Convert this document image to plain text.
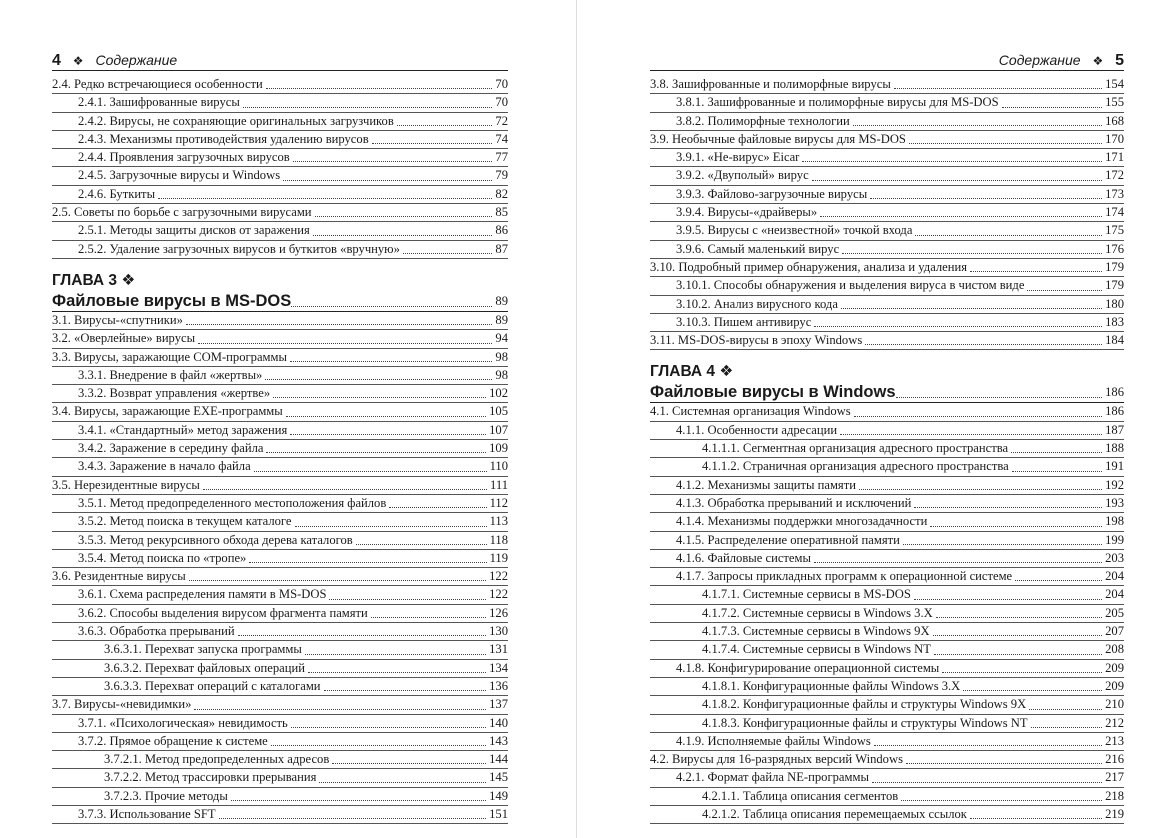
4 ❖ Содержание
2.4. Редко встречающиеся особенности	70
2.4.1. Зашифрованные вирусы	70
2.4.2. Вирусы, не сохраняющие оригинальных загрузчиков	72
2.4.3. Механизмы противодействия удалению вирусов	74
2.4.4. Проявления загрузочных вирусов	77
2.4.5. Загрузочные вирусы и Windows	79
2.4.6. Буткиты	82
2.5. Советы по борьбе с загрузочными вирусами	85
2.5.1. Методы защиты дисков от заражения	86
2.5.2. Удаление загрузочных вирусов и буткитов «вручную»	87
ГЛАВА 3 ❖
Файловые вирусы в MS-DOS	89
3.1. Вирусы-«спутники»	89
3.2. «Оверлейные» вирусы	94
3.3. Вирусы, заражающие COM-программы	98
3.3.1. Внедрение в файл «жертвы»	98
3.3.2. Возврат управления «жертве»	102
3.4. Вирусы, заражающие EXE-программы	105
3.4.1. «Стандартный» метод заражения	107
3.4.2. Заражение в середину файла	109
3.4.3. Заражение в начало файла	110
3.5. Нерезидентные вирусы	111
3.5.1. Метод предопределенного местоположения файлов	112
3.5.2. Метод поиска в текущем каталоге	113
3.5.3. Метод рекурсивного обхода дерева каталогов	118
3.5.4. Метод поиска по «тропе»	119
3.6. Резидентные вирусы	122
3.6.1. Схема распределения памяти в MS-DOS	122
3.6.2. Способы выделения вирусом фрагмента памяти	126
3.6.3. Обработка прерываний	130
3.6.3.1. Перехват запуска программы	131
3.6.3.2. Перехват файловых операций	134
3.6.3.3. Перехват операций с каталогами	136
3.7. Вирусы-«невидимки»	137
3.7.1. «Психологическая» невидимость	140
3.7.2. Прямое обращение к системе	143
3.7.2.1. Метод предопределенных адресов	144
3.7.2.2. Метод трассировки прерывания	145
3.7.2.3. Прочие методы	149
3.7.3. Использование SFT	151
Содержание ❖ 5
3.8. Зашифрованные и полиморфные вирусы	154
3.8.1. Зашифрованные и полиморфные вирусы для MS-DOS	155
3.8.2. Полиморфные технологии	168
3.9. Необычные файловые вирусы для MS-DOS	170
3.9.1. «Не-вирус» Eicar	171
3.9.2. «Двуполый» вирус	172
3.9.3. Файлово-загрузочные вирусы	173
3.9.4. Вирусы-«драйверы»	174
3.9.5. Вирусы с «неизвестной» точкой входа	175
3.9.6. Самый маленький вирус	176
3.10. Подробный пример обнаружения, анализа и удаления	179
3.10.1. Способы обнаружения и выделения вируса в чистом виде	179
3.10.2. Анализ вирусного кода	180
3.10.3. Пишем антивирус	183
3.11. MS-DOS-вирусы в эпоху Windows	184
ГЛАВА 4 ❖
Файловые вирусы в Windows	186
4.1. Системная организация Windows	186
4.1.1. Особенности адресации	187
4.1.1.1. Сегментная организация адресного пространства	188
4.1.1.2. Страничная организация адресного пространства	191
4.1.2. Механизмы защиты памяти	192
4.1.3. Обработка прерываний и исключений	193
4.1.4. Механизмы поддержки многозадачности	198
4.1.5. Распределение оперативной памяти	199
4.1.6. Файловые системы	203
4.1.7. Запросы прикладных программ к операционной системе	204
4.1.7.1. Системные сервисы в MS-DOS	204
4.1.7.2. Системные сервисы в Windows 3.X	205
4.1.7.3. Системные сервисы в Windows 9X	207
4.1.7.4. Системные сервисы в Windows NT	208
4.1.8. Конфигурирование операционной системы	209
4.1.8.1. Конфигурационные файлы Windows 3.X	209
4.1.8.2. Конфигурационные файлы и структуры Windows 9X	210
4.1.8.3. Конфигурационные файлы и структуры Windows NT	212
4.1.9. Исполняемые файлы Windows	213
4.2. Вирусы для 16-разрядных версий Windows	216
4.2.1. Формат файла NE-программы	217
4.2.1.1. Таблица описания сегментов	218
4.2.1.2. Таблица описания перемещаемых ссылок	219
